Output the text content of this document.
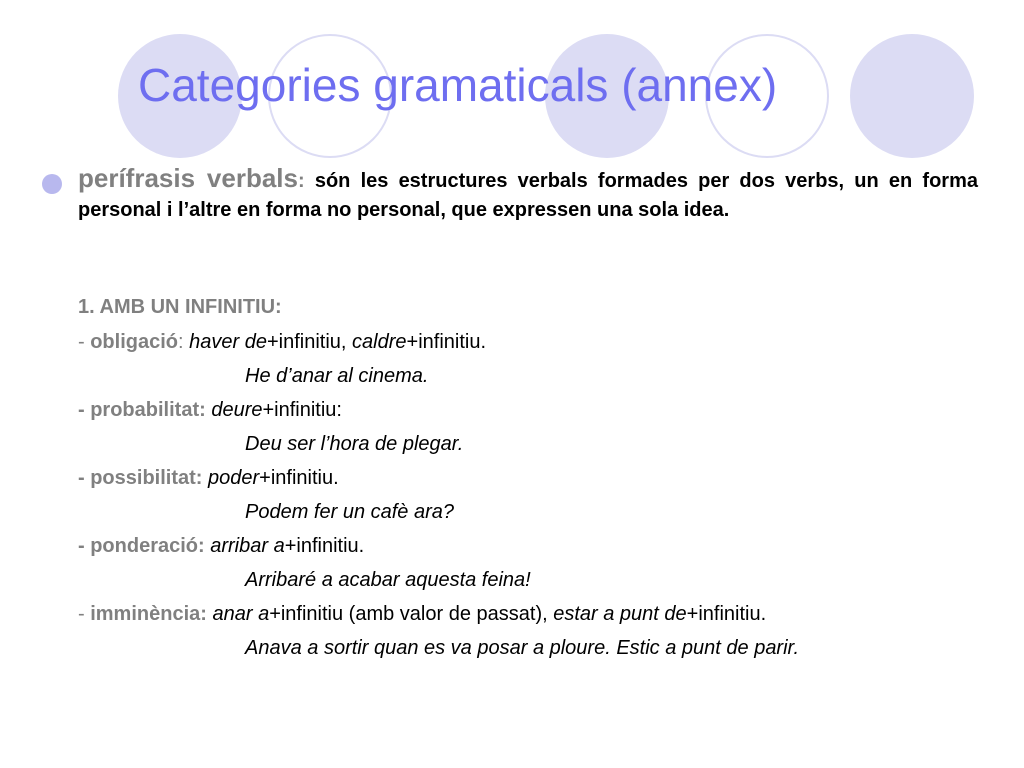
Categories gramaticals (annex)
perífrasis verbals: són les estructures verbals formades per dos verbs, un en forma personal i l’altre en forma no personal, que expressen una sola idea.
1. AMB UN INFINITIU:
- obligació: haver de+infinitiu, caldre+infinitiu.
He d’anar al cinema.
- probabilitat: deure+infinitiu:
Deu ser l’hora de plegar.
- possibilitat: poder+infinitiu.
Podem fer un cafè ara?
- ponderació: arribar a+infinitiu.
Arribaré a acabar aquesta feina!
- imminència: anar a+infinitiu (amb valor de passat), estar a punt de+infinitiu.
Anava a sortir quan es va posar a ploure. Estic a punt de parir.
